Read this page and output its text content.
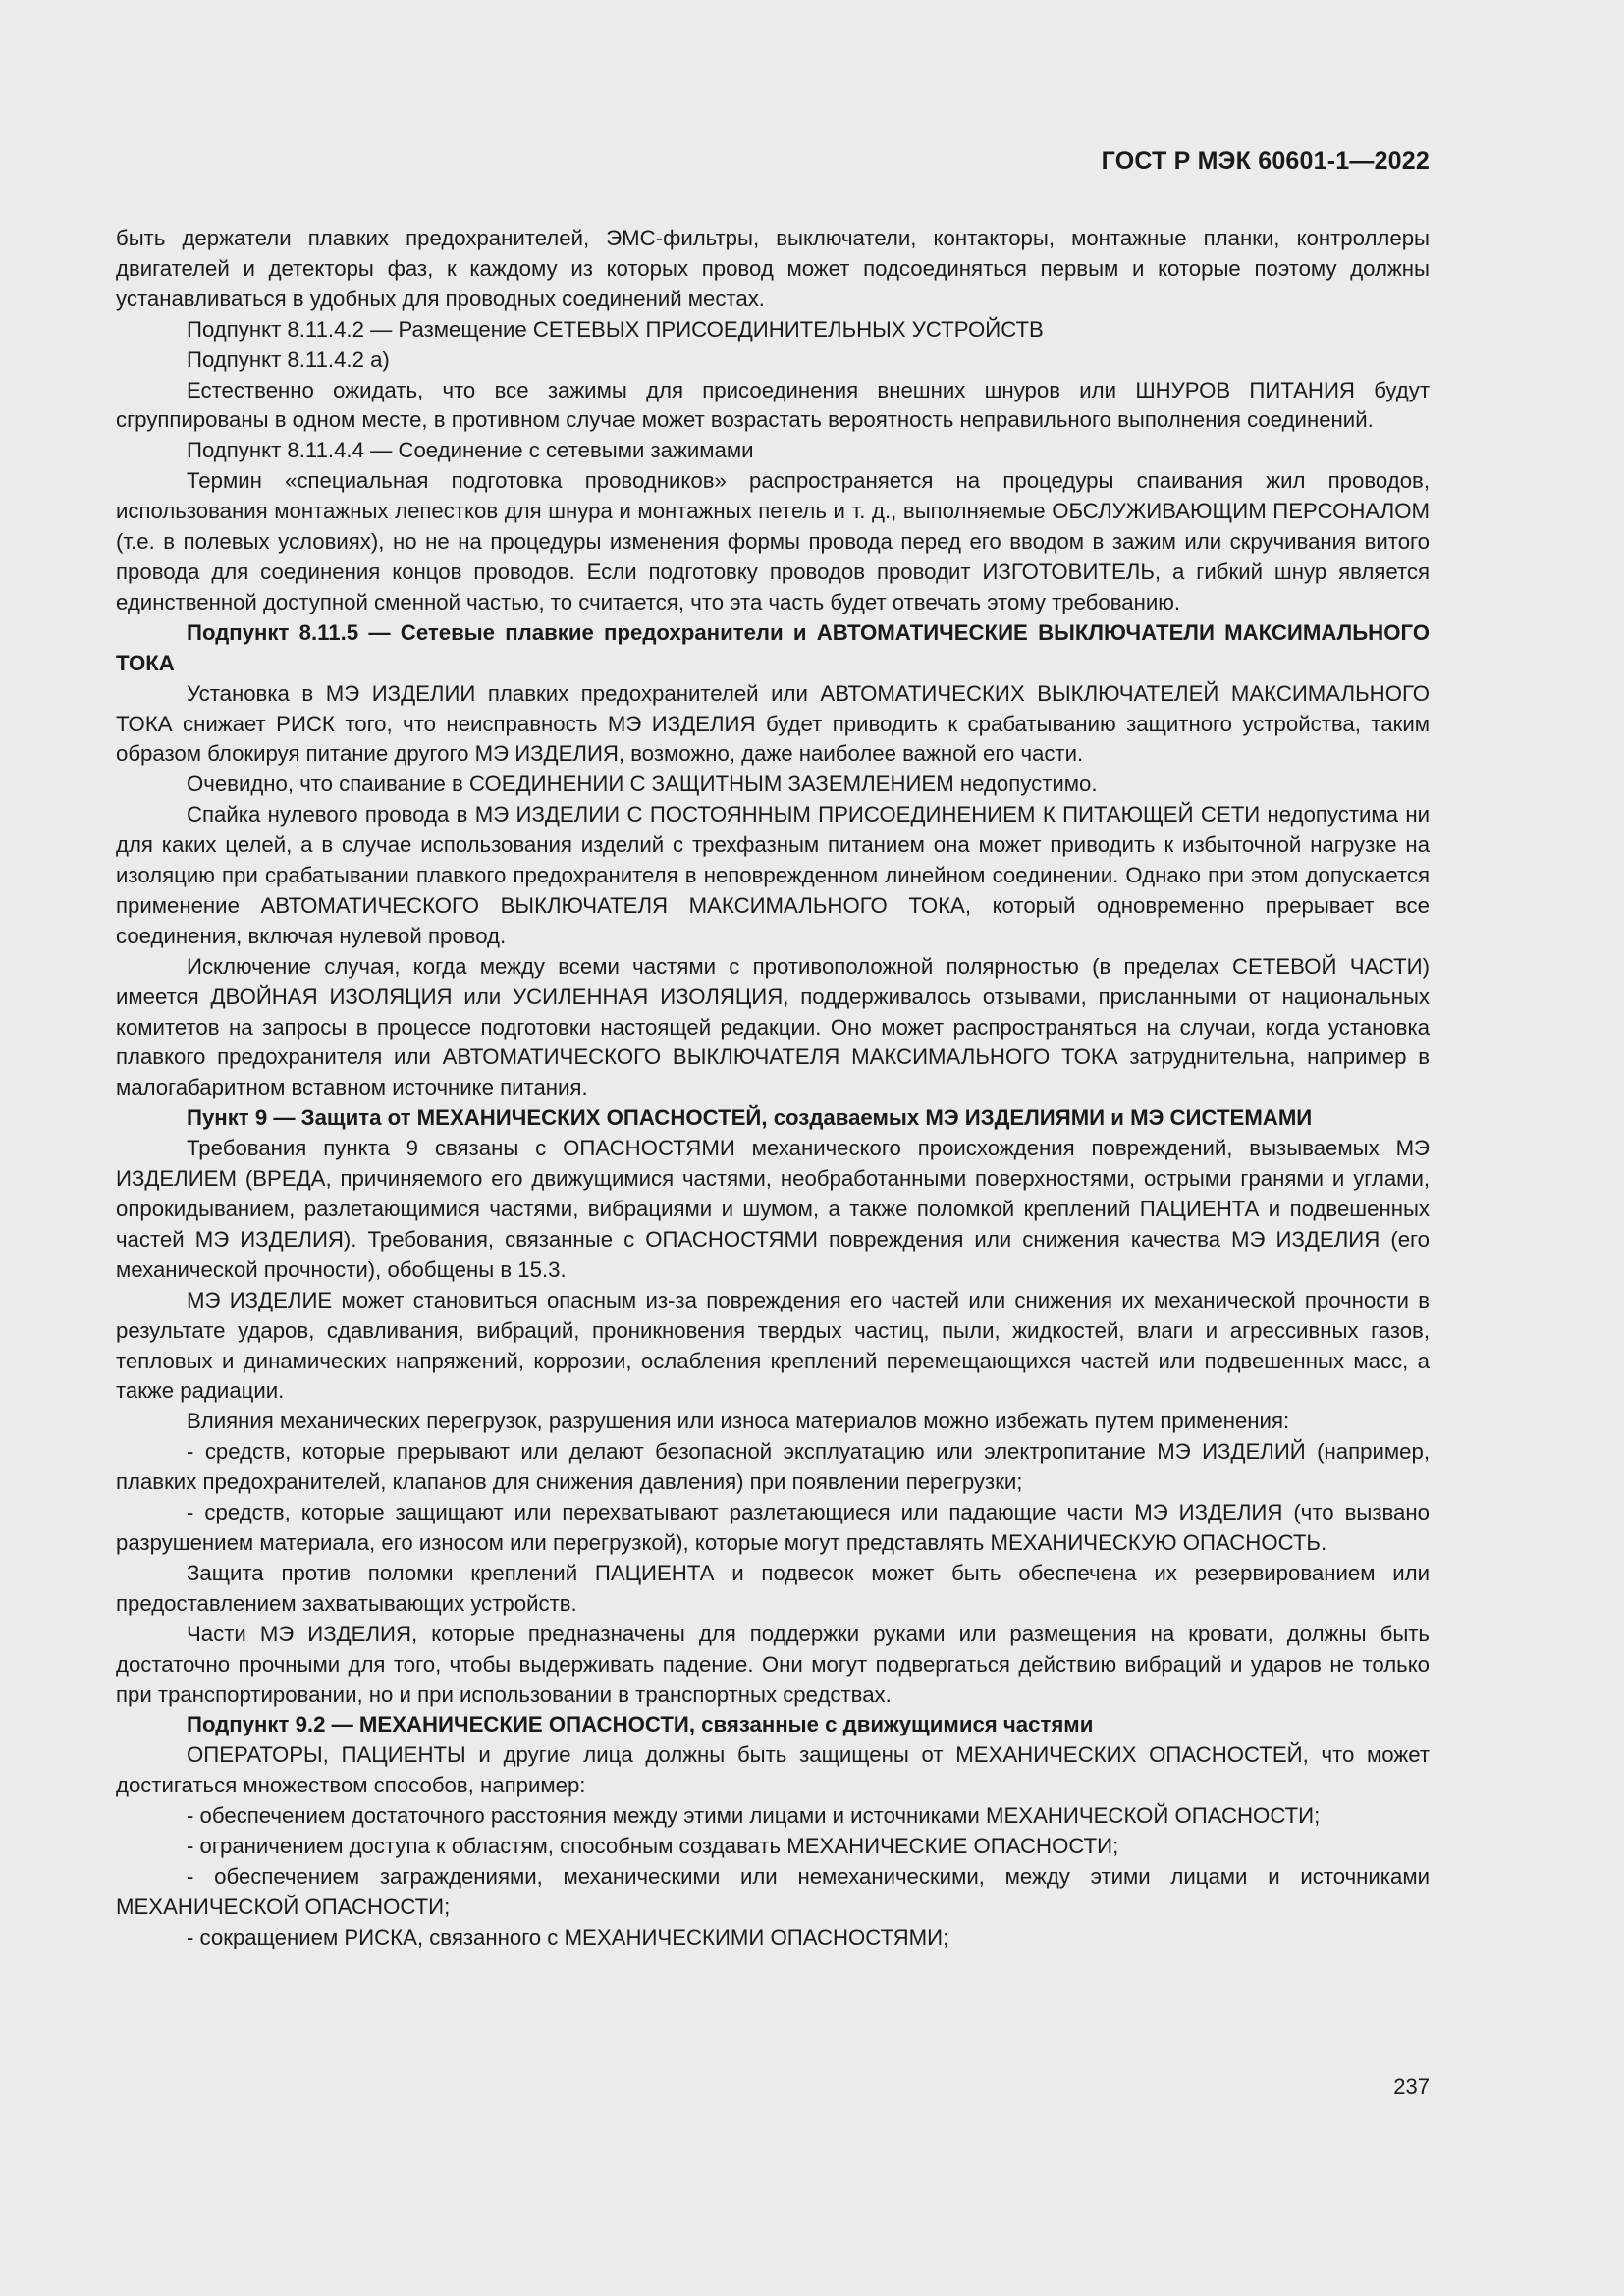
ГОСТ Р МЭК 60601-1—2022

быть держатели плавких предохранителей, ЭМС-фильтры, выключатели, контакторы, монтажные планки, контроллеры двигателей и детекторы фаз, к каждому из которых провод может подсоединяться первым и которые поэтому должны устанавливаться в удобных для проводных соединений местах.

Подпункт 8.11.4.2 — Размещение СЕТЕВЫХ ПРИСОЕДИНИТЕЛЬНЫХ УСТРОЙСТВ

Подпункт 8.11.4.2 а)

Естественно ожидать, что все зажимы для присоединения внешних шнуров или ШНУРОВ ПИТАНИЯ будут сгруппированы в одном месте, в противном случае может возрастать вероятность неправильного выполнения соединений.

Подпункт 8.11.4.4 — Соединение с сетевыми зажимами

Термин «специальная подготовка проводников» распространяется на процедуры спаивания жил проводов, использования монтажных лепестков для шнура и монтажных петель и т. д., выполняемые ОБСЛУЖИВАЮЩИМ ПЕРСОНАЛОМ (т.е. в полевых условиях), но не на процедуры изменения формы провода перед его вводом в зажим или скручивания витого провода для соединения концов проводов. Если подготовку проводов проводит ИЗГОТОВИТЕЛЬ, а гибкий шнур является единственной доступной сменной частью, то считается, что эта часть будет отвечать этому требованию.

Подпункт 8.11.5 — Сетевые плавкие предохранители и АВТОМАТИЧЕСКИЕ ВЫКЛЮЧАТЕЛИ МАКСИМАЛЬНОГО ТОКА

Установка в МЭ ИЗДЕЛИИ плавких предохранителей или АВТОМАТИЧЕСКИХ ВЫКЛЮЧАТЕЛЕЙ МАКСИМАЛЬНОГО ТОКА снижает РИСК того, что неисправность МЭ ИЗДЕЛИЯ будет приводить к срабатыванию защитного устройства, таким образом блокируя питание другого МЭ ИЗДЕЛИЯ, возможно, даже наиболее важной его части.

Очевидно, что спаивание в СОЕДИНЕНИИ С ЗАЩИТНЫМ ЗАЗЕМЛЕНИЕМ недопустимо.

Спайка нулевого провода в МЭ ИЗДЕЛИИ С ПОСТОЯННЫМ ПРИСОЕДИНЕНИЕМ К ПИТАЮЩЕЙ СЕТИ недопустима ни для каких целей, а в случае использования изделий с трехфазным питанием она может приводить к избыточной нагрузке на изоляцию при срабатывании плавкого предохранителя в неповрежденном линейном соединении. Однако при этом допускается применение АВТОМАТИЧЕСКОГО ВЫКЛЮЧАТЕЛЯ МАКСИМАЛЬНОГО ТОКА, который одновременно прерывает все соединения, включая нулевой провод.

Исключение случая, когда между всеми частями с противоположной полярностью (в пределах СЕТЕВОЙ ЧАСТИ) имеется ДВОЙНАЯ ИЗОЛЯЦИЯ или УСИЛЕННАЯ ИЗОЛЯЦИЯ, поддерживалось отзывами, присланными от национальных комитетов на запросы в процессе подготовки настоящей редакции. Оно может распространяться на случаи, когда установка плавкого предохранителя или АВТОМАТИЧЕСКОГО ВЫКЛЮЧАТЕЛЯ МАКСИМАЛЬНОГО ТОКА затруднительна, например в малогабаритном вставном источнике питания.

Пункт 9 — Защита от МЕХАНИЧЕСКИХ ОПАСНОСТЕЙ, создаваемых МЭ ИЗДЕЛИЯМИ и МЭ СИСТЕМАМИ

Требования пункта 9 связаны с ОПАСНОСТЯМИ механического происхождения повреждений, вызываемых МЭ ИЗДЕЛИЕМ (ВРЕДА, причиняемого его движущимися частями, необработанными поверхностями, острыми гранями и углами, опрокидыванием, разлетающимися частями, вибрациями и шумом, а также поломкой креплений ПАЦИЕНТА и подвешенных частей МЭ ИЗДЕЛИЯ). Требования, связанные с ОПАСНОСТЯМИ повреждения или снижения качества МЭ ИЗДЕЛИЯ (его механической прочности), обобщены в 15.3.

МЭ ИЗДЕЛИЕ может становиться опасным из-за повреждения его частей или снижения их механической прочности в результате ударов, сдавливания, вибраций, проникновения твердых частиц, пыли, жидкостей, влаги и агрессивных газов, тепловых и динамических напряжений, коррозии, ослабления креплений перемещающихся частей или подвешенных масс, а также радиации.

Влияния механических перегрузок, разрушения или износа материалов можно избежать путем применения:

- средств, которые прерывают или делают безопасной эксплуатацию или электропитание МЭ ИЗДЕЛИЙ (например, плавких предохранителей, клапанов для снижения давления) при появлении перегрузки;

- средств, которые защищают или перехватывают разлетающиеся или падающие части МЭ ИЗДЕЛИЯ (что вызвано разрушением материала, его износом или перегрузкой), которые могут представлять МЕХАНИЧЕСКУЮ ОПАСНОСТЬ.

Защита против поломки креплений ПАЦИЕНТА и подвесок может быть обеспечена их резервированием или предоставлением захватывающих устройств.

Части МЭ ИЗДЕЛИЯ, которые предназначены для поддержки руками или размещения на кровати, должны быть достаточно прочными для того, чтобы выдерживать падение. Они могут подвергаться действию вибраций и ударов не только при транспортировании, но и при использовании в транспортных средствах.

Подпункт 9.2 — МЕХАНИЧЕСКИЕ ОПАСНОСТИ, связанные с движущимися частями

ОПЕРАТОРЫ, ПАЦИЕНТЫ и другие лица должны быть защищены от МЕХАНИЧЕСКИХ ОПАСНОСТЕЙ, что может достигаться множеством способов, например:

- обеспечением достаточного расстояния между этими лицами и источниками МЕХАНИЧЕСКОЙ ОПАСНОСТИ;

- ограничением доступа к областям, способным создавать МЕХАНИЧЕСКИЕ ОПАСНОСТИ;

- обеспечением заграждениями, механическими или немеханическими, между этими лицами и источниками МЕХАНИЧЕСКОЙ ОПАСНОСТИ;

- сокращением РИСКА, связанного с МЕХАНИЧЕСКИМИ ОПАСНОСТЯМИ;

237
